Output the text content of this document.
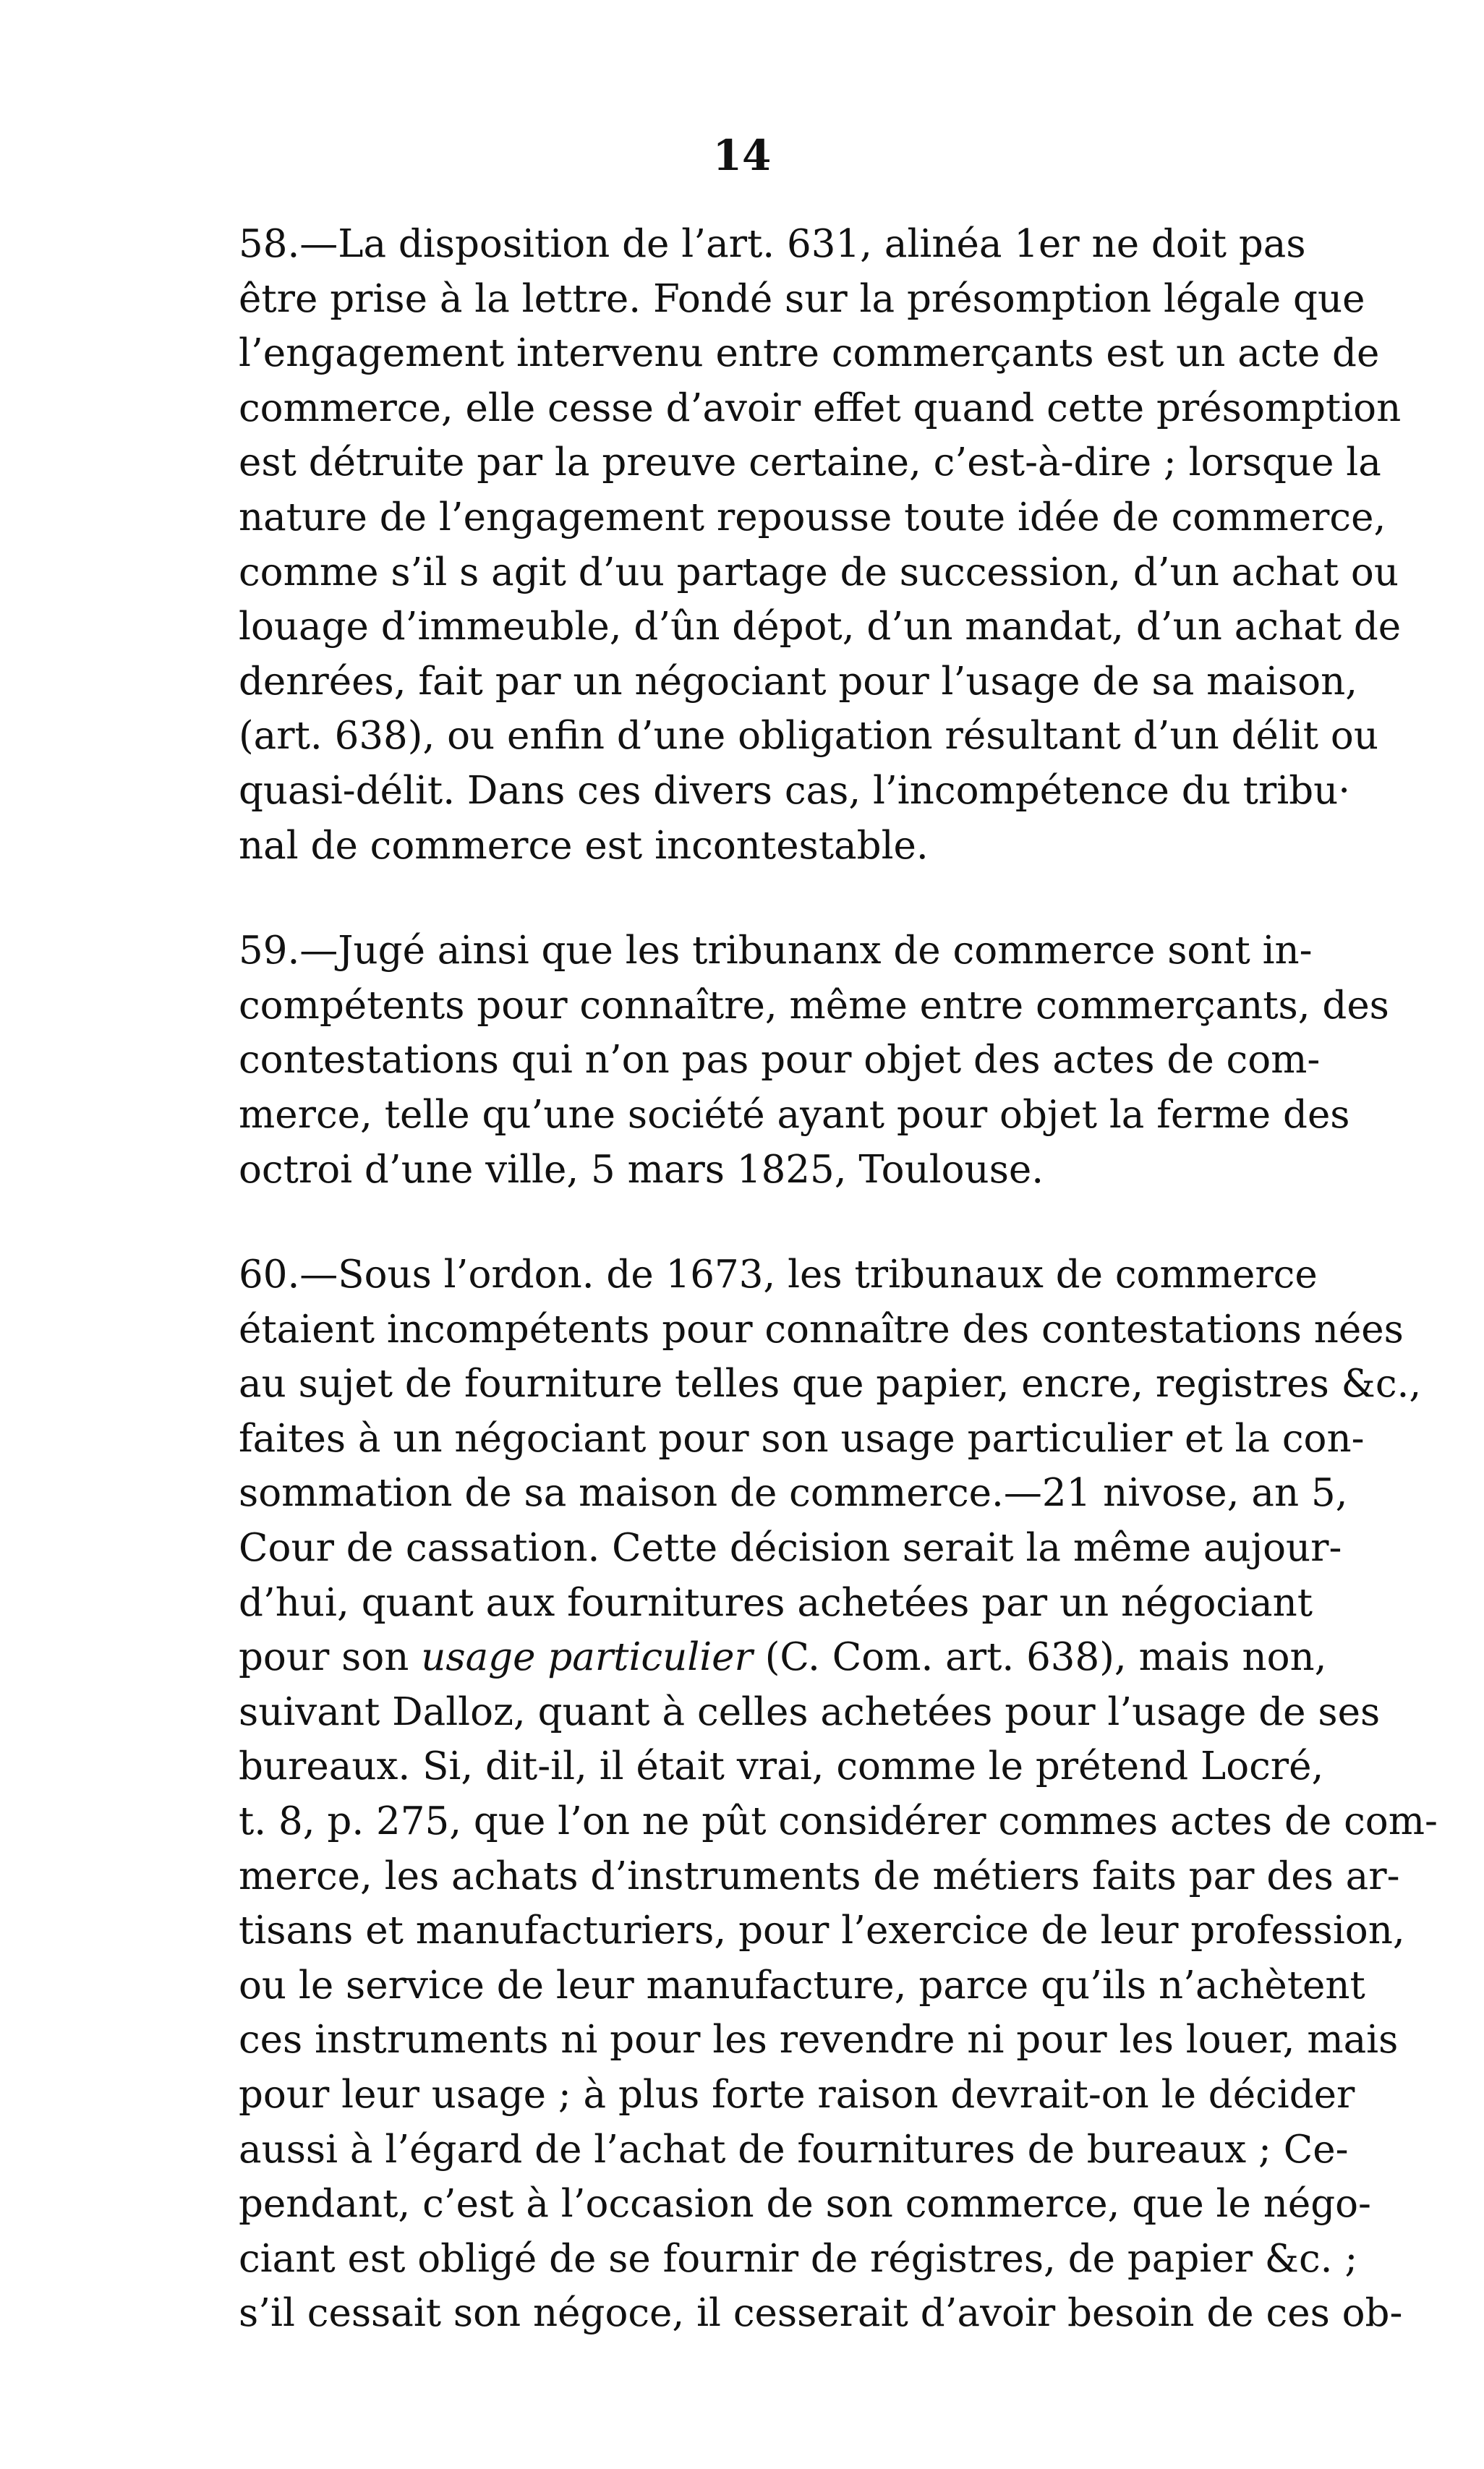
14

58.—La disposition de l’art. 631, alinéa 1er ne doit pas
être prise à la lettre. Fondé sur la présomption légale que
l’engagement intervenu entre commerçants est un acte de
commerce, elle cesse d’avoir effet quand cette présomption
est détruite par la preuve certaine, c’est-à-dire ; lorsque la
nature de l’engagement repousse toute idée de commerce,
comme s’il s agit d’uu partage de succession, d’un achat ou
louage d’immeuble, d’ûn dépot, d’un mandat, d’un achat de
denrées, fait par un négociant pour l’usage de sa maison,
(art. 638), ou enfin d’une obligation résultant d’un délit ou
quasi-délit. Dans ces divers cas, l’incompétence du tribu·
nal de commerce est incontestable.

59.—Jugé ainsi que les tribunanx de commerce sont in-
compétents pour connaître, même entre commerçants, des
contestations qui n’on pas pour objet des actes de com-
merce, telle qu’une société ayant pour objet la ferme des
octroi d’une ville, 5 mars 1825, Toulouse.

60.—Sous l’ordon. de 1673, les tribunaux de commerce
étaient incompétents pour connaître des contestations nées
au sujet de fourniture telles que papier, encre, registres &c.,
faites à un négociant pour son usage particulier et la con-
sommation de sa maison de commerce.—21 nivose, an 5,
Cour de cassation. Cette décision serait la même aujour-
d’hui, quant aux fournitures achetées par un négociant
pour son usage particulier (C. Com. art. 638), mais non,
suivant Dalloz, quant à celles achetées pour l’usage de ses
bureaux. Si, dit-il, il était vrai, comme le prétend Locré,
t. 8, p. 275, que l’on ne pût considérer commes actes de com-
merce, les achats d’instruments de métiers faits par des ar-
tisans et manufacturiers, pour l’exercice de leur profession,
ou le service de leur manufacture, parce qu’ils n’achètent
ces instruments ni pour les revendre ni pour les louer, mais
pour leur usage ; à plus forte raison devrait-on le décider
aussi à l’égard de l’achat de fournitures de bureaux ; Ce-
pendant, c’est à l’occasion de son commerce, que le négo-
ciant est obligé de se fournir de régistres, de papier &c. ;
s’il cessait son négoce, il cesserait d’avoir besoin de ces ob-
